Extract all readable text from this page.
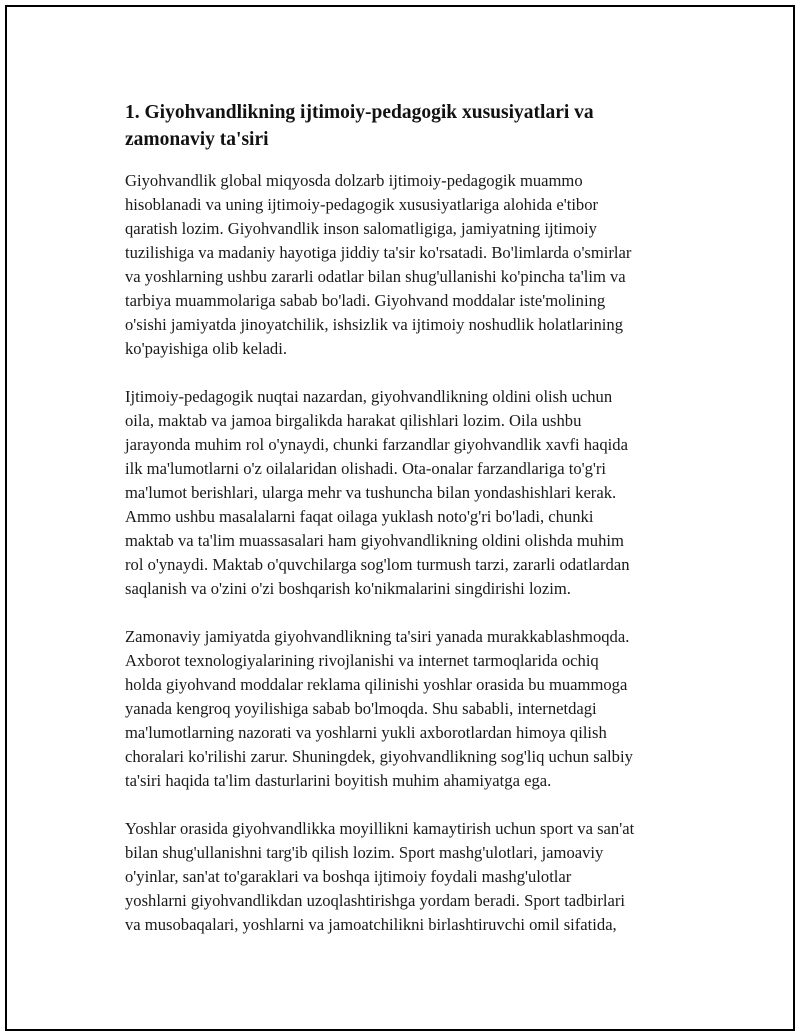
1. Giyohvandlikning ijtimoiy-pedagogik xususiyatlari va
zamonaviy ta'siri

Giyohvandlik global miqyosda dolzarb ijtimoiy-pedagogik muammo
hisoblanadi va uning ijtimoiy-pedagogik xususiyatlariga alohida e'tibor
qaratish lozim. Giyohvandlik inson salomatligiga, jamiyatning ijtimoiy
tuzilishiga va madaniy hayotiga jiddiy ta'sir ko'rsatadi. Bo'limlarda o'smirlar
va yoshlarning ushbu zararli odatlar bilan shug'ullanishi ko'pincha ta'lim va
tarbiya muammolariga sabab bo'ladi. Giyohvand moddalar iste'molining
o'sishi jamiyatda jinoyatchilik, ishsizlik va ijtimoiy noshudlik holatlarining
ko'payishiga olib keladi.

Ijtimoiy-pedagogik nuqtai nazardan, giyohvandlikning oldini olish uchun
oila, maktab va jamoa birgalikda harakat qilishlari lozim. Oila ushbu
jarayonda muhim rol o'ynaydi, chunki farzandlar giyohvandlik xavfi haqida
ilk ma'lumotlarni o'z oilalaridan olishadi. Ota-onalar farzandlariga to'g'ri
ma'lumot berishlari, ularga mehr va tushuncha bilan yondashishlari kerak.
Ammo ushbu masalalarni faqat oilaga yuklash noto'g'ri bo'ladi, chunki
maktab va ta'lim muassasalari ham giyohvandlikning oldini olishda muhim
rol o'ynaydi. Maktab o'quvchilarga sog'lom turmush tarzi, zararli odatlardan
saqlanish va o'zini o'zi boshqarish ko'nikmalarini singdirishi lozim.

Zamonaviy jamiyatda giyohvandlikning ta'siri yanada murakkablashmoqda.
Axborot texnologiyalarining rivojlanishi va internet tarmoqlarida ochiq
holda giyohvand moddalar reklama qilinishi yoshlar orasida bu muammoga
yanada kengroq yoyilishiga sabab bo'lmoqda. Shu sababli, internetdagi
ma'lumotlarning nazorati va yoshlarni yukli axborotlardan himoya qilish
choralari ko'rilishi zarur. Shuningdek, giyohvandlikning sog'liq uchun salbiy
ta'siri haqida ta'lim dasturlarini boyitish muhim ahamiyatga ega.

Yoshlar orasida giyohvandlikka moyillikni kamaytirish uchun sport va san'at
bilan shug'ullanishni targ'ib qilish lozim. Sport mashg'ulotlari, jamoaviy
o'yinlar, san'at to'garaklari va boshqa ijtimoiy foydali mashg'ulotlar
yoshlarni giyohvandlikdan uzoqlashtirishga yordam beradi. Sport tadbirlari
va musobaqalari, yoshlarni va jamoatchilikni birlashtiruvchi omil sifatida,
